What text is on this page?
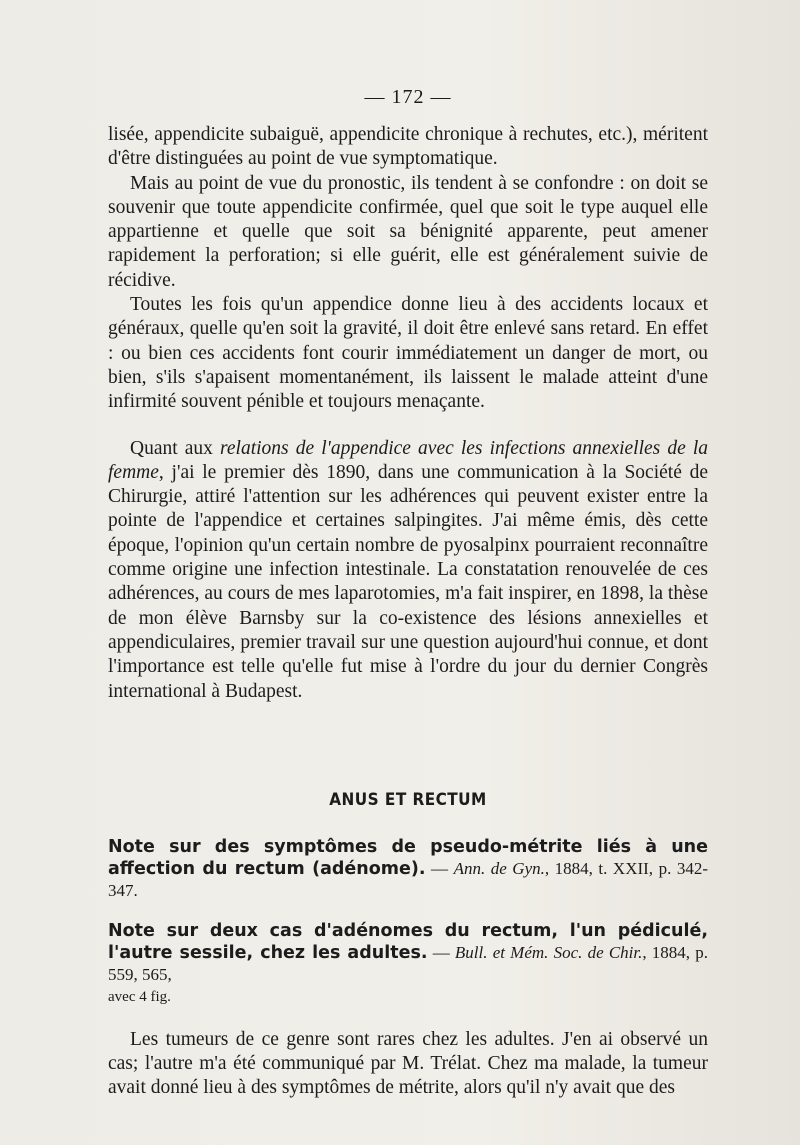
— 172 —

lisée, appendicite subaiguë, appendicite chronique à rechutes, etc.), méritent d'être distinguées au point de vue symptomatique.

Mais au point de vue du pronostic, ils tendent à se confondre : on doit se souvenir que toute appendicite confirmée, quel que soit le type auquel elle appartienne et quelle que soit sa bénignité apparente, peut amener rapidement la perforation; si elle guérit, elle est généralement suivie de récidive.

Toutes les fois qu'un appendice donne lieu à des accidents locaux et généraux, quelle qu'en soit la gravité, il doit être enlevé sans retard. En effet : ou bien ces accidents font courir immédiatement un danger de mort, ou bien, s'ils s'apaisent momentanément, ils laissent le malade atteint d'une infirmité souvent pénible et toujours menaçante.

Quant aux relations de l'appendice avec les infections annexielles de la femme, j'ai le premier dès 1890, dans une communication à la Société de Chirurgie, attiré l'attention sur les adhérences qui peuvent exister entre la pointe de l'appendice et certaines salpingites. J'ai même émis, dès cette époque, l'opinion qu'un certain nombre de pyosalpinx pourraient reconnaître comme origine une infection intestinale. La constatation renouvelée de ces adhérences, au cours de mes laparotomies, m'a fait inspirer, en 1898, la thèse de mon élève Barnsby sur la co-existence des lésions annexielles et appendiculaires, premier travail sur une question aujourd'hui connue, et dont l'importance est telle qu'elle fut mise à l'ordre du jour du dernier Congrès international à Budapest.

ANUS ET RECTUM
Note sur des symptômes de pseudo-métrite liés à une affection du rectum (adénome). — Ann. de Gyn., 1884, t. XXII, p. 342-347.
Note sur deux cas d'adénomes du rectum, l'un pédiculé, l'autre sessile, chez les adultes. — Bull. et Mém. Soc. de Chir., 1884, p. 559, 565,
avec 4 fig.

Les tumeurs de ce genre sont rares chez les adultes. J'en ai observé un cas; l'autre m'a été communiqué par M. Trélat. Chez ma malade, la tumeur avait donné lieu à des symptômes de métrite, alors qu'il n'y avait que des
